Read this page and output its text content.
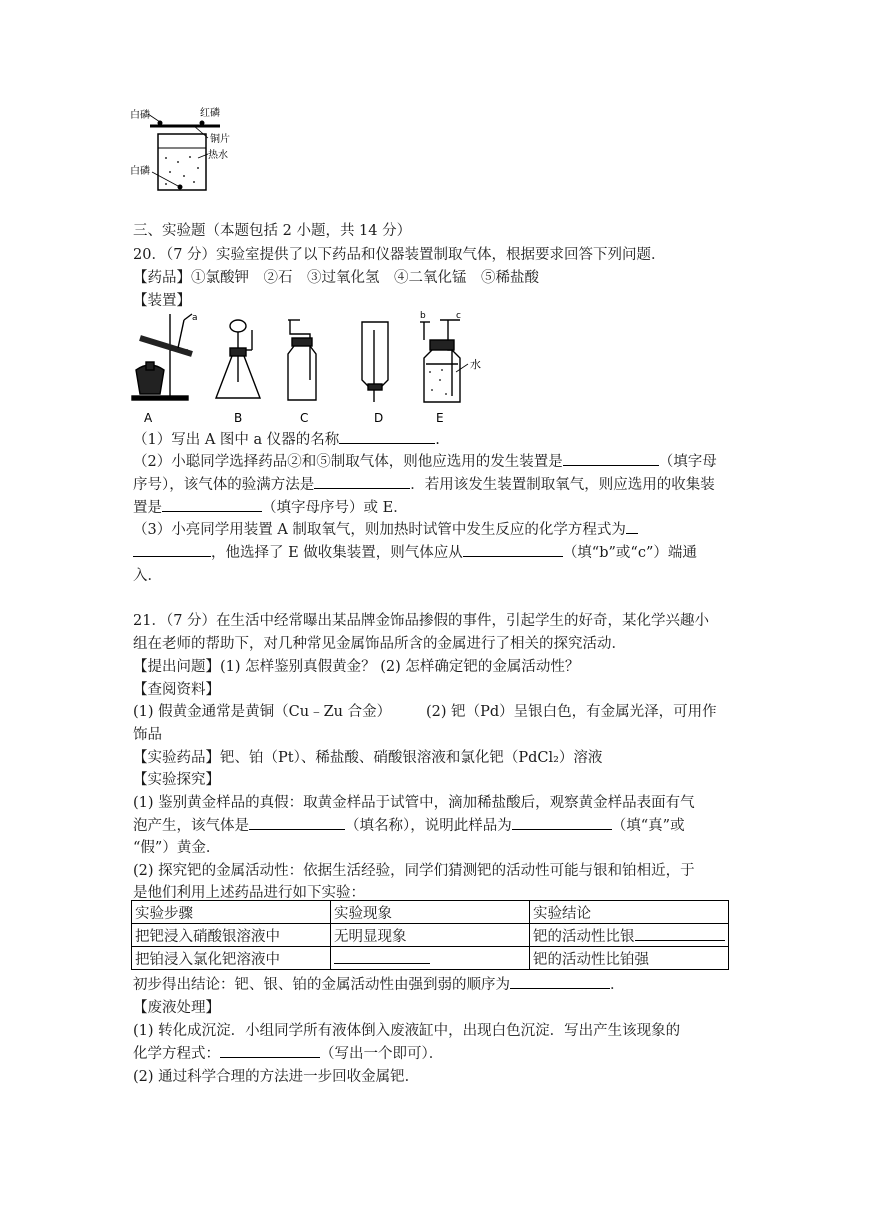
白磷	红磷
铜片
热水
白磷
三、实验题（本题包括 2 小题，共 14 分）
20．（7 分）实验室提供了以下药品和仪器装置制取气体，根据要求回答下列问题．
【药品】①氯酸钾　②石　③过氧化氢　④二氧化锰　⑤稀盐酸
【装置】
a	b	c
水
A	B	C	D	E
（1）写出 A 图中 a 仪器的名称	.
（2）小聪同学选择药品②和⑤制取气体，则他应选用的发生装置是	（填字母
序号），该气体的验满方法是	．若用该发生装置制取氧气，则应选用的收集装
置是	（填字母序号）或 E．
（3）小亮同学用装置 A 制取氧气，则加热时试管中发生反应的化学方程式为
，他选择了 E 做收集装置，则气体应从	（填“b”或“c”）端通
入．
21．（7 分）在生活中经常曝出某品牌金饰品掺假的事件，引起学生的好奇，某化学兴趣小
组在老师的帮助下，对几种常见金属饰品所含的金属进行了相关的探究活动．
【提出问题】(1) 怎样鉴别真假黄金？ (2) 怎样确定钯的金属活动性？
【查阅资料】
(1) 假黄金通常是黄铜（Cu﹣Zu 合金） (2) 钯（Pd）呈银白色，有金属光泽，可用作
饰品
【实验药品】钯、铂（Pt）、稀盐酸、硝酸银溶液和氯化钯（PdCl₂）溶液
【实验探究】
(1) 鉴别黄金样品的真假：取黄金样品于试管中，滴加稀盐酸后，观察黄金样品表面有气
泡产生，该气体是	（填名称），说明此样品为	（填“真”或
“假”）黄金．
(2) 探究钯的金属活动性：依据生活经验，同学们猜测钯的活动性可能与银和铂相近，于
是他们利用上述药品进行如下实验：
实验步骤	实验现象	实验结论
把钯浸入硝酸银溶液中	无明显现象	钯的活动性比银
把铂浸入氯化钯溶液中		钯的活动性比铂强
初步得出结论：钯、银、铂的金属活动性由强到弱的顺序为	．
【废液处理】
(1) 转化成沉淀．小组同学所有液体倒入废液缸中，出现白色沉淀．写出产生该现象的
化学方程式：	（写出一个即可）．
(2) 通过科学合理的方法进一步回收金属钯．
